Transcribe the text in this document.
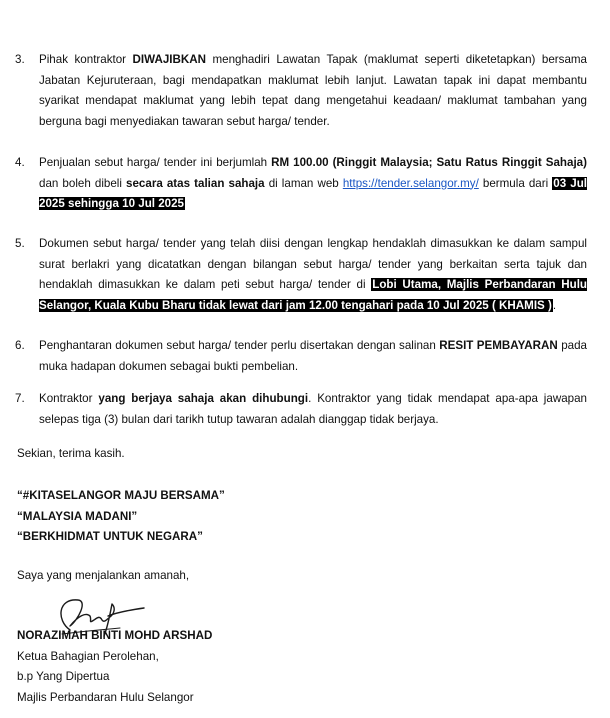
3.	Pihak kontraktor DIWAJIBKAN menghadiri Lawatan Tapak (maklumat seperti diketetapkan) bersama Jabatan Kejuruteraan, bagi mendapatkan maklumat lebih lanjut. Lawatan tapak ini dapat membantu syarikat mendapat maklumat yang lebih tepat dang mengetahui keadaan/ maklumat tambahan yang berguna bagi menyediakan tawaran sebut harga/ tender.
4.	Penjualan sebut harga/ tender ini berjumlah RM 100.00 (Ringgit Malaysia; Satu Ratus Ringgit Sahaja) dan boleh dibeli secara atas talian sahaja di laman web https://tender.selangor.my/ bermula dari 03 Jul 2025 sehingga 10 Jul 2025
5.	Dokumen sebut harga/ tender yang telah diisi dengan lengkap hendaklah dimasukkan ke dalam sampul surat berlakri yang dicatatkan dengan bilangan sebut harga/ tender yang berkaitan serta tajuk dan hendaklah dimasukkan ke dalam peti sebut harga/ tender di Lobi Utama, Majlis Perbandaran Hulu Selangor, Kuala Kubu Bharu tidak lewat dari jam 12.00 tengahari pada 10 Jul 2025 ( KHAMIS ).
6.	Penghantaran dokumen sebut harga/ tender perlu disertakan dengan salinan RESIT PEMBAYARAN pada muka hadapan dokumen sebagai bukti pembelian.
7.	Kontraktor yang berjaya sahaja akan dihubungi. Kontraktor yang tidak mendapat apa-apa jawapan selepas tiga (3) bulan dari tarikh tutup tawaran adalah dianggap tidak berjaya.
Sekian, terima kasih.
“#KITASELANGOR MAJU BERSAMA”
“MALAYSIA MADANI”
“BERKHIDMAT UNTUK NEGARA”
Saya yang menjalankan amanah,
NORAZIMAH BINTI MOHD ARSHAD
Ketua Bahagian Perolehan,
b.p Yang Dipertua
Majlis Perbandaran Hulu Selangor
